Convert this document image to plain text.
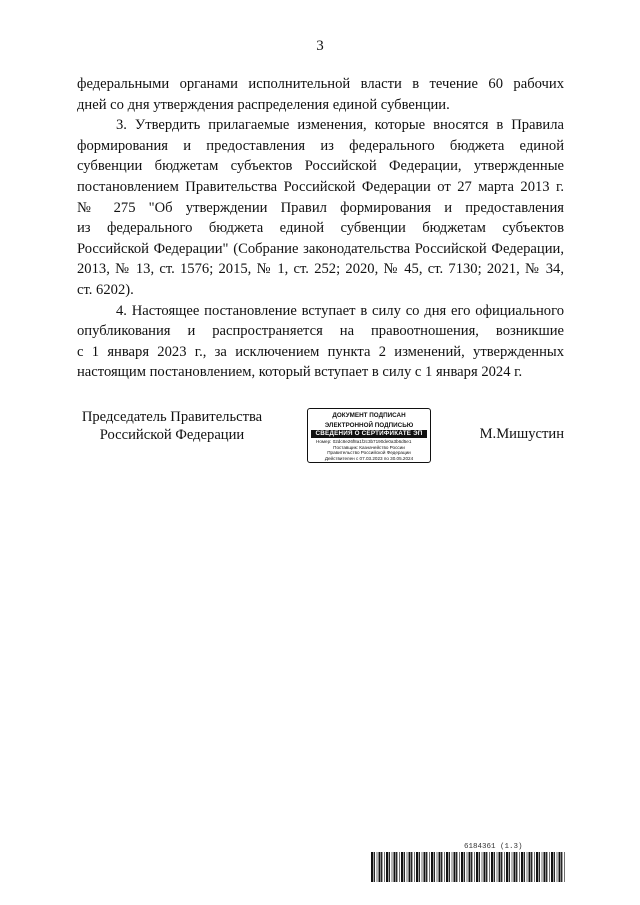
3
федеральными органами исполнительной власти в течение 60 рабочих
дней со дня утверждения распределения единой субвенции.
3. Утвердить прилагаемые изменения, которые вносятся в Правила
формирования и предоставления из федерального бюджета единой
субвенции бюджетам субъектов Российской Федерации, утвержденные
постановлением Правительства Российской Федерации от 27 марта 2013 г.
№ 275 "Об утверждении Правил формирования и предоставления
из федерального бюджета единой субвенции бюджетам субъектов
Российской Федерации" (Собрание законодательства Российской Федерации,
2013, № 13, ст. 1576; 2015, № 1, ст. 252; 2020, № 45, ст. 7130; 2021, № 34,
ст. 6202).
4. Настоящее постановление вступает в силу со дня его официального
опубликования и распространяется на правоотношения, возникшие
с 1 января 2023 г., за исключением пункта 2 изменений, утвержденных
настоящим постановлением, который вступает в силу с 1 января 2024 г.
Председатель Правительства
Российской Федерации
ДОКУМЕНТ ПОДПИСАН
ЭЛЕКТРОННОЙ ПОДПИСЬЮ
СВЕДЕНИЯ О СЕРТИФИКАТЕ ЭП
Номер: 02dc8e26f8a1f2c3b7190de0a3b6d5e1
Поставщик: Казначейство России
Правительство Российской Федерации
Действителен с 07.03.2023 по 30.05.2024
М.Мишустин
6184361 (1.3)
